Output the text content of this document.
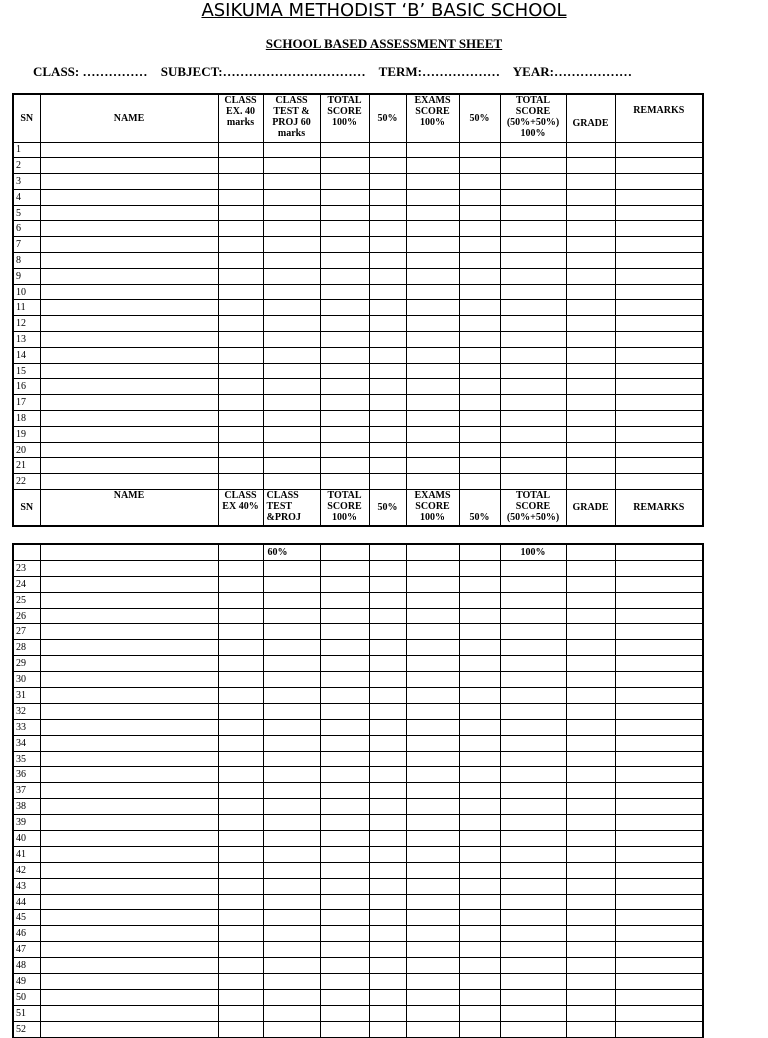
ASIKUMA METHODIST ‘B’ BASIC SCHOOL
SCHOOL BASED ASSESSMENT SHEET
CLASS: …………… SUBJECT:…………………………… TERM:……………… YEAR:………………
SN	NAME	CLASS EX. 40 marks	CLASS TEST & PROJ 60 marks	TOTAL SCORE 100%	50%	EXAMS SCORE 100%	50%	TOTAL SCORE (50%+50%) 100%	GRADE	REMARKS
1										
2										
3										
4										
5										
6										
7										
8										
9										
10										
11										
12										
13										
14										
15										
16										
17										
18										
19										
20										
21										
22										
SN	NAME	CLASS EX 40%	CLASS TEST &PROJ	TOTAL SCORE 100%	50%	EXAMS SCORE 100%	50%	TOTAL SCORE (50%+50%)	GRADE	REMARKS
			60%					100%		
23										
24										
25										
26										
27										
28										
29										
30										
31										
32										
33										
34										
35										
36										
37										
38										
39										
40										
41										
42										
43										
44										
45										
46										
47										
48										
49										
50										
51										
52										
